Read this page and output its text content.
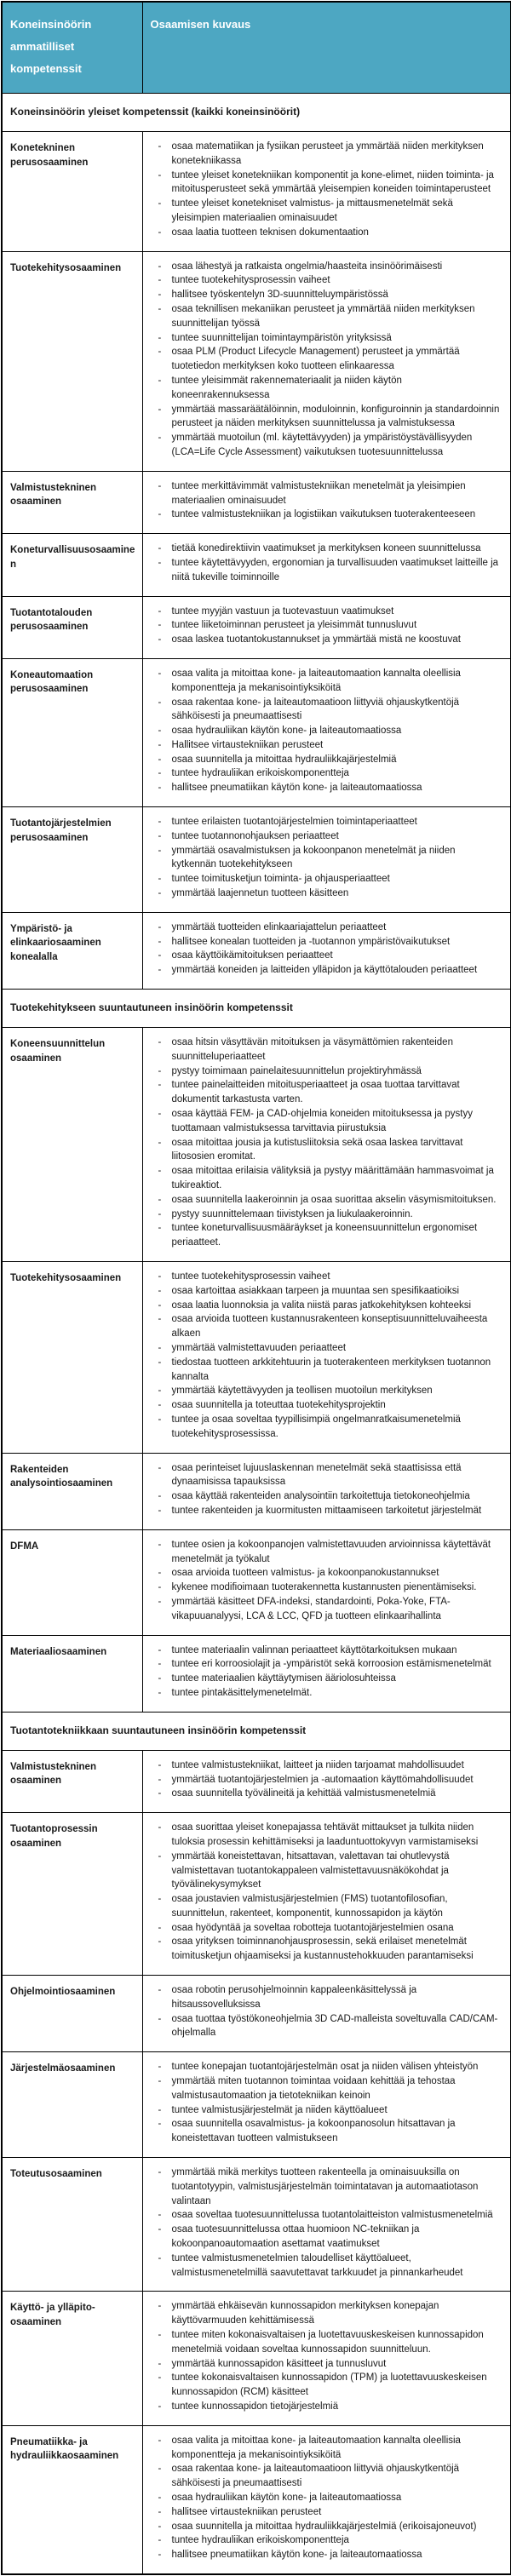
Koneinsinöörin ammatilliset kompetenssit	Osaamisen kuvaus
Koneinsinöörin yleiset kompetenssit (kaikki koneinsinöörit)	
Konetekninen perusosaaminen	
- osaa matematiikan ja fysiikan perusteet ja ymmärtää niiden merkityksen konetekniikassa
- tuntee yleiset konetekniikan komponentit ja kone-elimet, niiden toiminta- ja mitoitusperusteet sekä ymmärtää yleisempien koneiden toimintaperusteet
- tuntee yleiset konetekniset valmistus- ja mittausmenetelmät sekä yleisimpien materiaalien ominaisuudet
- osaa laatia tuotteen teknisen dokumentaation

Tuotekehitysosaaminen	
-osaa lähestyä ja ratkaista ongelmia/haasteita insinöörimäisesti
- tuntee tuotekehitysprosessin vaiheet
- hallitsee työskentelyn 3D-suunnitteluympäristössä
- osaa teknillisen mekaniikan perusteet ja ymmärtää niiden merkityksen suunnittelijan työssä
- tuntee suunnittelijan toimintaympäristön yrityksissä
- osaa PLM (Product Lifecycle Management) perusteet ja ymmärtää tuotetiedon merkityksen koko tuotteen elinkaaressa
- tuntee yleisimmät rakennemateriaalit ja niiden käytön koneenrakennuksessa
- ymmärtää massaräätälöinnin, moduloinnin, konfiguroinnin ja standardoinnin perusteet ja näiden merkityksen suunnittelussa ja valmistuksessa
- ymmärtää muotoilun (ml. käytettävyyden) ja ympäristöystävällisyyden (LCA=Life Cycle Assessment) vaikutuksen tuotesuunnittelussa

Valmistustekninen osaaminen	
- tuntee merkittävimmät valmistustekniikan menetelmät ja yleisimpien materiaalien ominaisuudet
- tuntee valmistustekniikan ja logistiikan vaikutuksen tuoterakenteeseen

Koneturvallisuusosaaminen	
- tietää konedirektiivin vaatimukset ja merkityksen koneen suunnittelussa
- tuntee käytettävyyden, ergonomian ja turvallisuuden vaatimukset laitteille ja niitä tukeville toiminnoille

Tuotantotalouden perusosaaminen	
- tuntee myyjän vastuun ja tuotevastuun vaatimukset
- tuntee liiketoiminnan perusteet ja yleisimmät tunnusluvut
- osaa laskea tuotantokustannukset ja ymmärtää mistä ne koostuvat

Koneautomaation perusosaaminen	
- osaa valita ja mitoittaa kone- ja laiteautomaation kannalta oleellisia komponentteja ja mekanisointiyksiköitä
- osaa rakentaa kone- ja laiteautomaatioon liittyviä ohjauskytkentöjä sähköisesti ja pneumaattisesti
- osaa hydrauliikan käytön kone- ja laiteautomaatiossa
- Hallitsee virtaustekniikan perusteet
- osaa suunnitella ja mitoittaa hydrauliikkajärjestelmiä
- tuntee hydrauliikan erikoiskomponentteja
- hallitsee pneumatiikan käytön kone- ja laiteautomaatiossa

Tuotantojärjestelmien perusosaaminen	
- tuntee erilaisten tuotantojärjestelmien toimintaperiaatteet
- tuntee tuotannonohjauksen periaatteet
- ymmärtää osavalmistuksen ja kokoonpanon menetelmät ja niiden kytkennän tuotekehitykseen
- tuntee toimitusketjun toiminta- ja ohjausperiaatteet
- ymmärtää laajennetun tuotteen käsitteen

Ympäristö- ja elinkaariosaaminen konealalla	
- ymmärtää tuotteiden elinkaariajattelun periaatteet
- hallitsee konealan tuotteiden ja -tuotannon ympäristövaikutukset
- osaa käyttöikämitoituksen periaatteet
- ymmärtää koneiden ja laitteiden ylläpidon ja käyttötalouden periaatteet

Tuotekehitykseen suuntautuneen insinöörin kompetenssit	
Koneensuunnittelun osaaminen	
- osaa hitsin väsyttävän mitoituksen ja väsymättömien rakenteiden suunnitteluperiaatteet
- pystyy toimimaan painelaitesuunnittelun projektiryhmässä
- tuntee painelaitteiden mitoitusperiaatteet ja osaa tuottaa tarvittavat dokumentit tarkastusta varten.
- osaa käyttää FEM- ja CAD-ohjelmia koneiden mitoituksessa ja pystyy tuottamaan valmistuksessa tarvittavia piirustuksia
- osaa mitoittaa jousia ja kutistusliitoksia sekä osaa laskea tarvittavat liitososien eromitat.
- osaa mitoittaa erilaisia välityksiä ja pystyy määrittämään hammasvoimat ja tukireaktiot.
- osaa suunnitella laakeroinnin ja osaa suorittaa akselin väsymismitoituksen.
- pystyy suunnittelemaan tiivistyksen ja liukulaakeroinnin.
- tuntee koneturvallisuusmääräykset ja koneensuunnittelun ergonomiset periaatteet.

Tuotekehitysosaaminen	
-tuntee tuotekehitysprosessin vaiheet
- osaa kartoittaa asiakkaan tarpeen ja muuntaa sen spesifikaatioiksi
- osaa laatia luonnoksia ja valita niistä paras jatkokehityksen kohteeksi
- osaa arvioida tuotteen kustannusrakenteen konseptisuunnitteluvaiheesta alkaen
- ymmärtää valmistettavuuden periaatteet
- tiedostaa tuotteen arkkitehtuurin ja tuoterakenteen merkityksen tuotannon kannalta
- ymmärtää käytettävyyden ja teollisen muotoilun merkityksen
- osaa suunnitella ja toteuttaa tuotekehitysprojektin
- tuntee ja osaa soveltaa tyypillisimpiä ongelmanratkaisumenetelmiä tuotekehitysprosessissa.

Rakenteiden analysointiosaaminen	
- osaa perinteiset lujuuslaskennan menetelmät sekä staattisissa että dynaamisissa tapauksissa
- osaa käyttää rakenteiden analysointiin tarkoitettuja tietokoneohjelmia
- tuntee rakenteiden ja kuormitusten mittaamiseen tarkoitetut järjestelmät

DFMA	
-tuntee osien ja kokoonpanojen valmistettavuuden arvioinnissa käytettävät menetelmät ja työkalut
- osaa arvioida tuotteen valmistus- ja kokoonpanokustannukset
- kykenee modifioimaan tuoterakennetta kustannusten pienentämiseksi.
- ymmärtää käsitteet DFA-indeksi, standardointi, Poka-Yoke, FTA-vikapuuanalyysi, LCA & LCC, QFD ja tuotteen elinkaarihallinta

Materiaaliosaaminen	
-tuntee materiaalin valinnan periaatteet käyttötarkoituksen mukaan
- tuntee eri korroosiolajit ja -ympäristöt sekä korroosion estämismenetelmät
- tuntee materiaalien käyttäytymisen ääriolosuhteissa
- tuntee pintakäsittelymenetelmät.

Tuotantotekniikkaan suuntautuneen insinöörin kompetenssit	
Valmistustekninen osaaminen	
- tuntee valmistustekniikat, laitteet ja niiden tarjoamat mahdollisuudet
- ymmärtää tuotantojärjestelmien ja -automaation käyttömahdollisuudet
- osaa suunnitella työvälineitä ja kehittää valmistusmenetelmiä

Tuotantoprosessin osaaminen	
- osaa suorittaa yleiset konepajassa tehtävät mittaukset ja tulkita niiden tuloksia prosessin kehittämiseksi ja laaduntuottokyvyn varmistamiseksi
- ymmärtää koneistettavan, hitsattavan, valettavan tai ohutlevystä valmistettavan tuotantokappaleen valmistettavuusnäkökohdat ja työvälinekysymykset
- osaa joustavien valmistusjärjestelmien (FMS) tuotantofilosofian, suunnittelun, rakenteet, komponentit, kunnossapidon ja käytön
- osaa hyödyntää ja soveltaa robotteja tuotantojärjestelmien osana
- osaa yrityksen toiminnanohjausprosessin, sekä erilaiset menetelmät toimitusketjun ohjaamiseksi ja kustannustehokkuuden parantamiseksi

Ohjelmointiosaaminen	
-osaa robotin perusohjelmoinnin kappaleenkäsittelyssä ja hitsaussovelluksissa
- osaa tuottaa työstökoneohjelmia 3D CAD-malleista soveltuvalla CAD/CAM-ohjelmalla

Järjestelmäosaaminen	
-tuntee konepajan tuotantojärjestelmän osat ja niiden välisen yhteistyön
- ymmärtää miten tuotannon toimintaa voidaan kehittää ja tehostaa valmistusautomaation ja tietotekniikan keinoin
- tuntee valmistusjärjestelmät ja niiden käyttöalueet
- osaa suunnitella osavalmistus- ja kokoonpanosolun hitsattavan ja koneistettavan tuotteen valmistukseen

Toteutusosaaminen	
-ymmärtää mikä merkitys tuotteen rakenteella ja ominaisuuksilla on tuotantotyypin, valmistusjärjestelmän toimintatavan ja automaatiotason valintaan
- osaa soveltaa tuotesuunnittelussa tuotantolaitteiston valmistusmenetelmiä
- osaa tuotesuunnittelussa ottaa huomioon NC-tekniikan ja kokoonpanoautomaation asettamat vaatimukset
- tuntee valmistusmenetelmien taloudelliset käyttöalueet, valmistusmenetelmillä saavutettavat tarkkuudet ja pinnankarheudet

Käyttö- ja ylläpito-osaaminen	
- ymmärtää ehkäisevän kunnossapidon merkityksen konepajan käyttövarmuuden kehittämisessä
- tuntee miten kokonaisvaltaisen ja luotettavuuskeskeisen kunnossapidon menetelmiä voidaan soveltaa kunnossapidon suunnitteluun.
- ymmärtää kunnossapidon käsitteet ja tunnusluvut
- tuntee kokonaisvaltaisen kunnossapidon (TPM) ja luotettavuuskeskeisen kunnossapidon (RCM) käsitteet
- tuntee kunnossapidon tietojärjestelmiä

Pneumatiikka- ja hydrauliikkaosaaminen	
- osaa valita ja mitoittaa kone- ja laiteautomaation kannalta oleellisia komponentteja ja mekanisointiyksiköitä
- osaa rakentaa kone- ja laiteautomaatioon liittyviä ohjauskytkentöjä sähköisesti ja pneumaattisesti
- osaa hydrauliikan käytön kone- ja laiteautomaatiossa
- hallitsee virtaustekniikan perusteet
- osaa suunnitella ja mitoittaa hydrauliikkajärjestelmiä (erikoisajoneuvot)
- tuntee hydrauliikan erikoiskomponentteja
- hallitsee pneumatiikan käytön kone- ja laiteautomaatiossa
